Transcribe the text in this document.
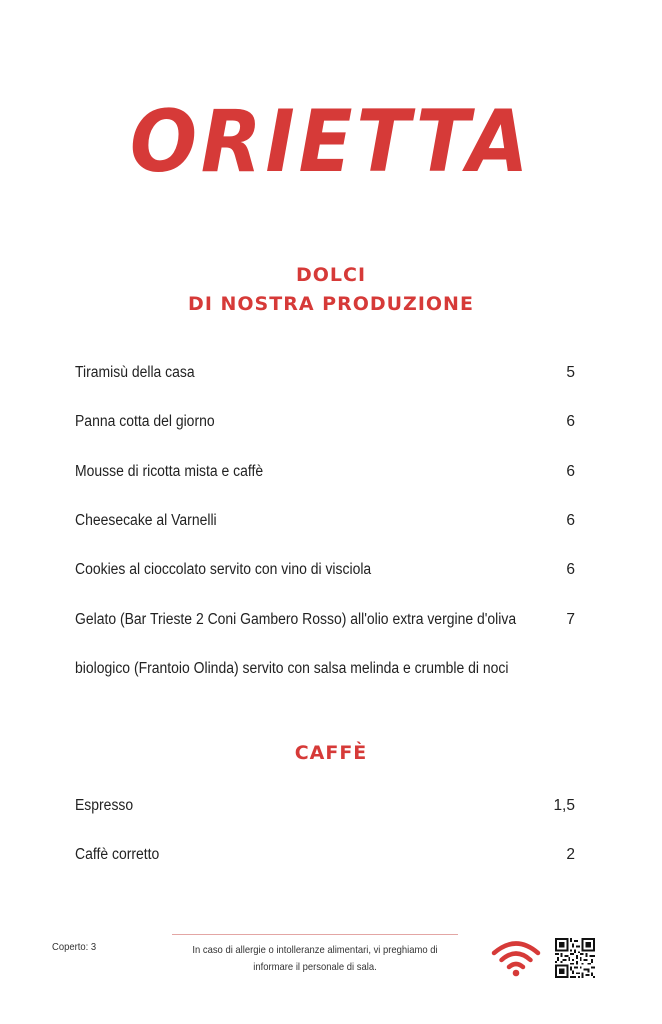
ORIETTA
DOLCI
DI NOSTRA PRODUZIONE
Tiramisù della casa	5
Panna cotta del giorno	6
Mousse di ricotta mista e caffè	6
Cheesecake al Varnelli	6
Cookies al cioccolato servito con vino di visciola	6
Gelato (Bar Trieste 2 Coni Gambero Rosso) all'olio extra vergine d'oliva	7
biologico (Frantoio Olinda) servito con salsa melinda e crumble di noci
CAFFÈ
Espresso	1,5
Caffè corretto	2
Coperto: 3	In caso di allergie o intolleranze alimentari, vi preghiamo di
informare il personale di sala.
